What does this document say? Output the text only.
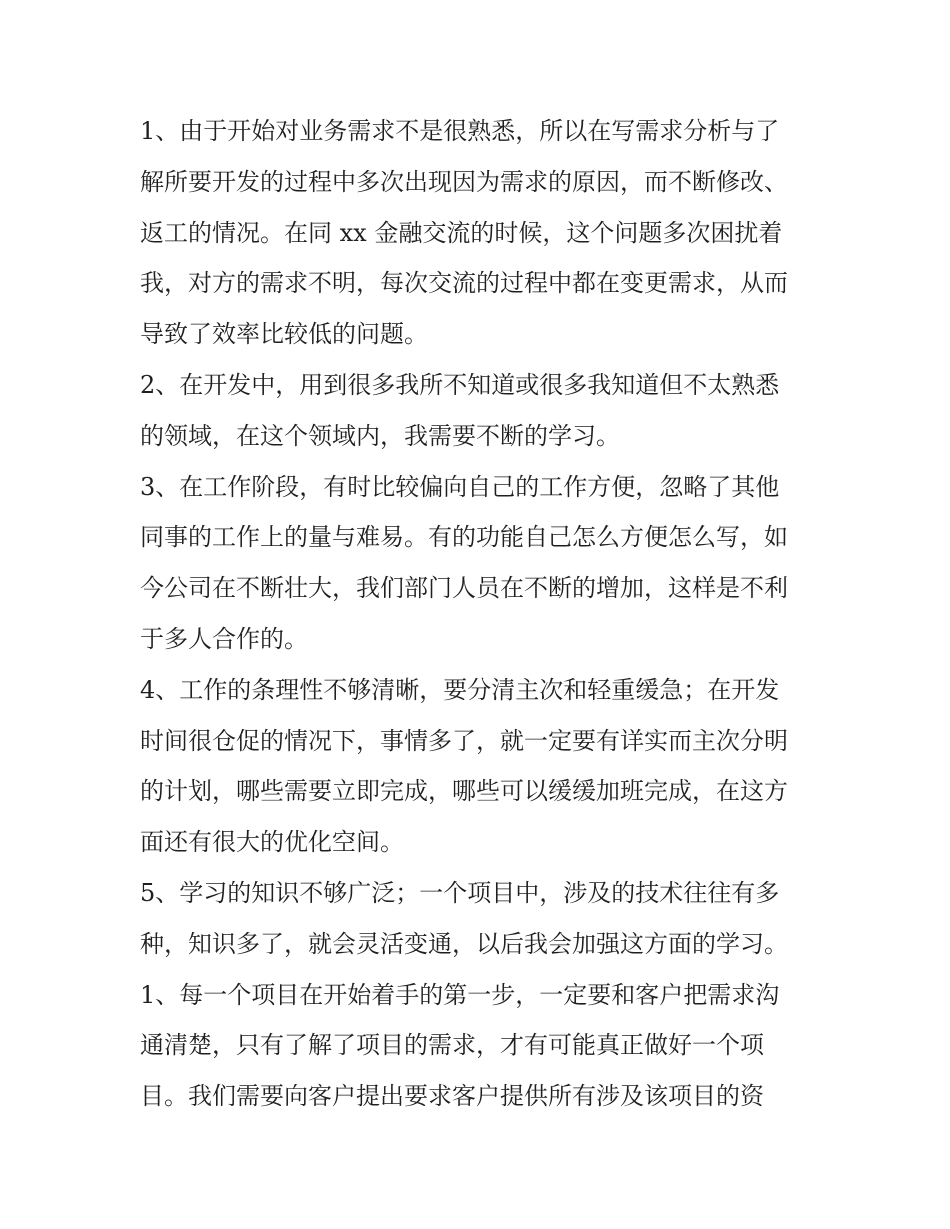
1、由于开始对业务需求不是很熟悉，所以在写需求分析与了
解所要开发的过程中多次出现因为需求的原因，而不断修改、
返工的情况。在同 xx 金融交流的时候，这个问题多次困扰着
我，对方的需求不明，每次交流的过程中都在变更需求，从而
导致了效率比较低的问题。
2、在开发中，用到很多我所不知道或很多我知道但不太熟悉
的领域，在这个领域内，我需要不断的学习。
3、在工作阶段，有时比较偏向自己的工作方便，忽略了其他
同事的工作上的量与难易。有的功能自己怎么方便怎么写，如
今公司在不断壮大，我们部门人员在不断的增加，这样是不利
于多人合作的。
4、工作的条理性不够清晰，要分清主次和轻重缓急；在开发
时间很仓促的情况下，事情多了，就一定要有详实而主次分明
的计划，哪些需要立即完成，哪些可以缓缓加班完成，在这方
面还有很大的优化空间。
5、学习的知识不够广泛；一个项目中，涉及的技术往往有多
种，知识多了，就会灵活变通，以后我会加强这方面的学习。
1、每一个项目在开始着手的第一步，一定要和客户把需求沟
通清楚，只有了解了项目的需求，才有可能真正做好一个项
目。我们需要向客户提出要求客户提供所有涉及该项目的资
